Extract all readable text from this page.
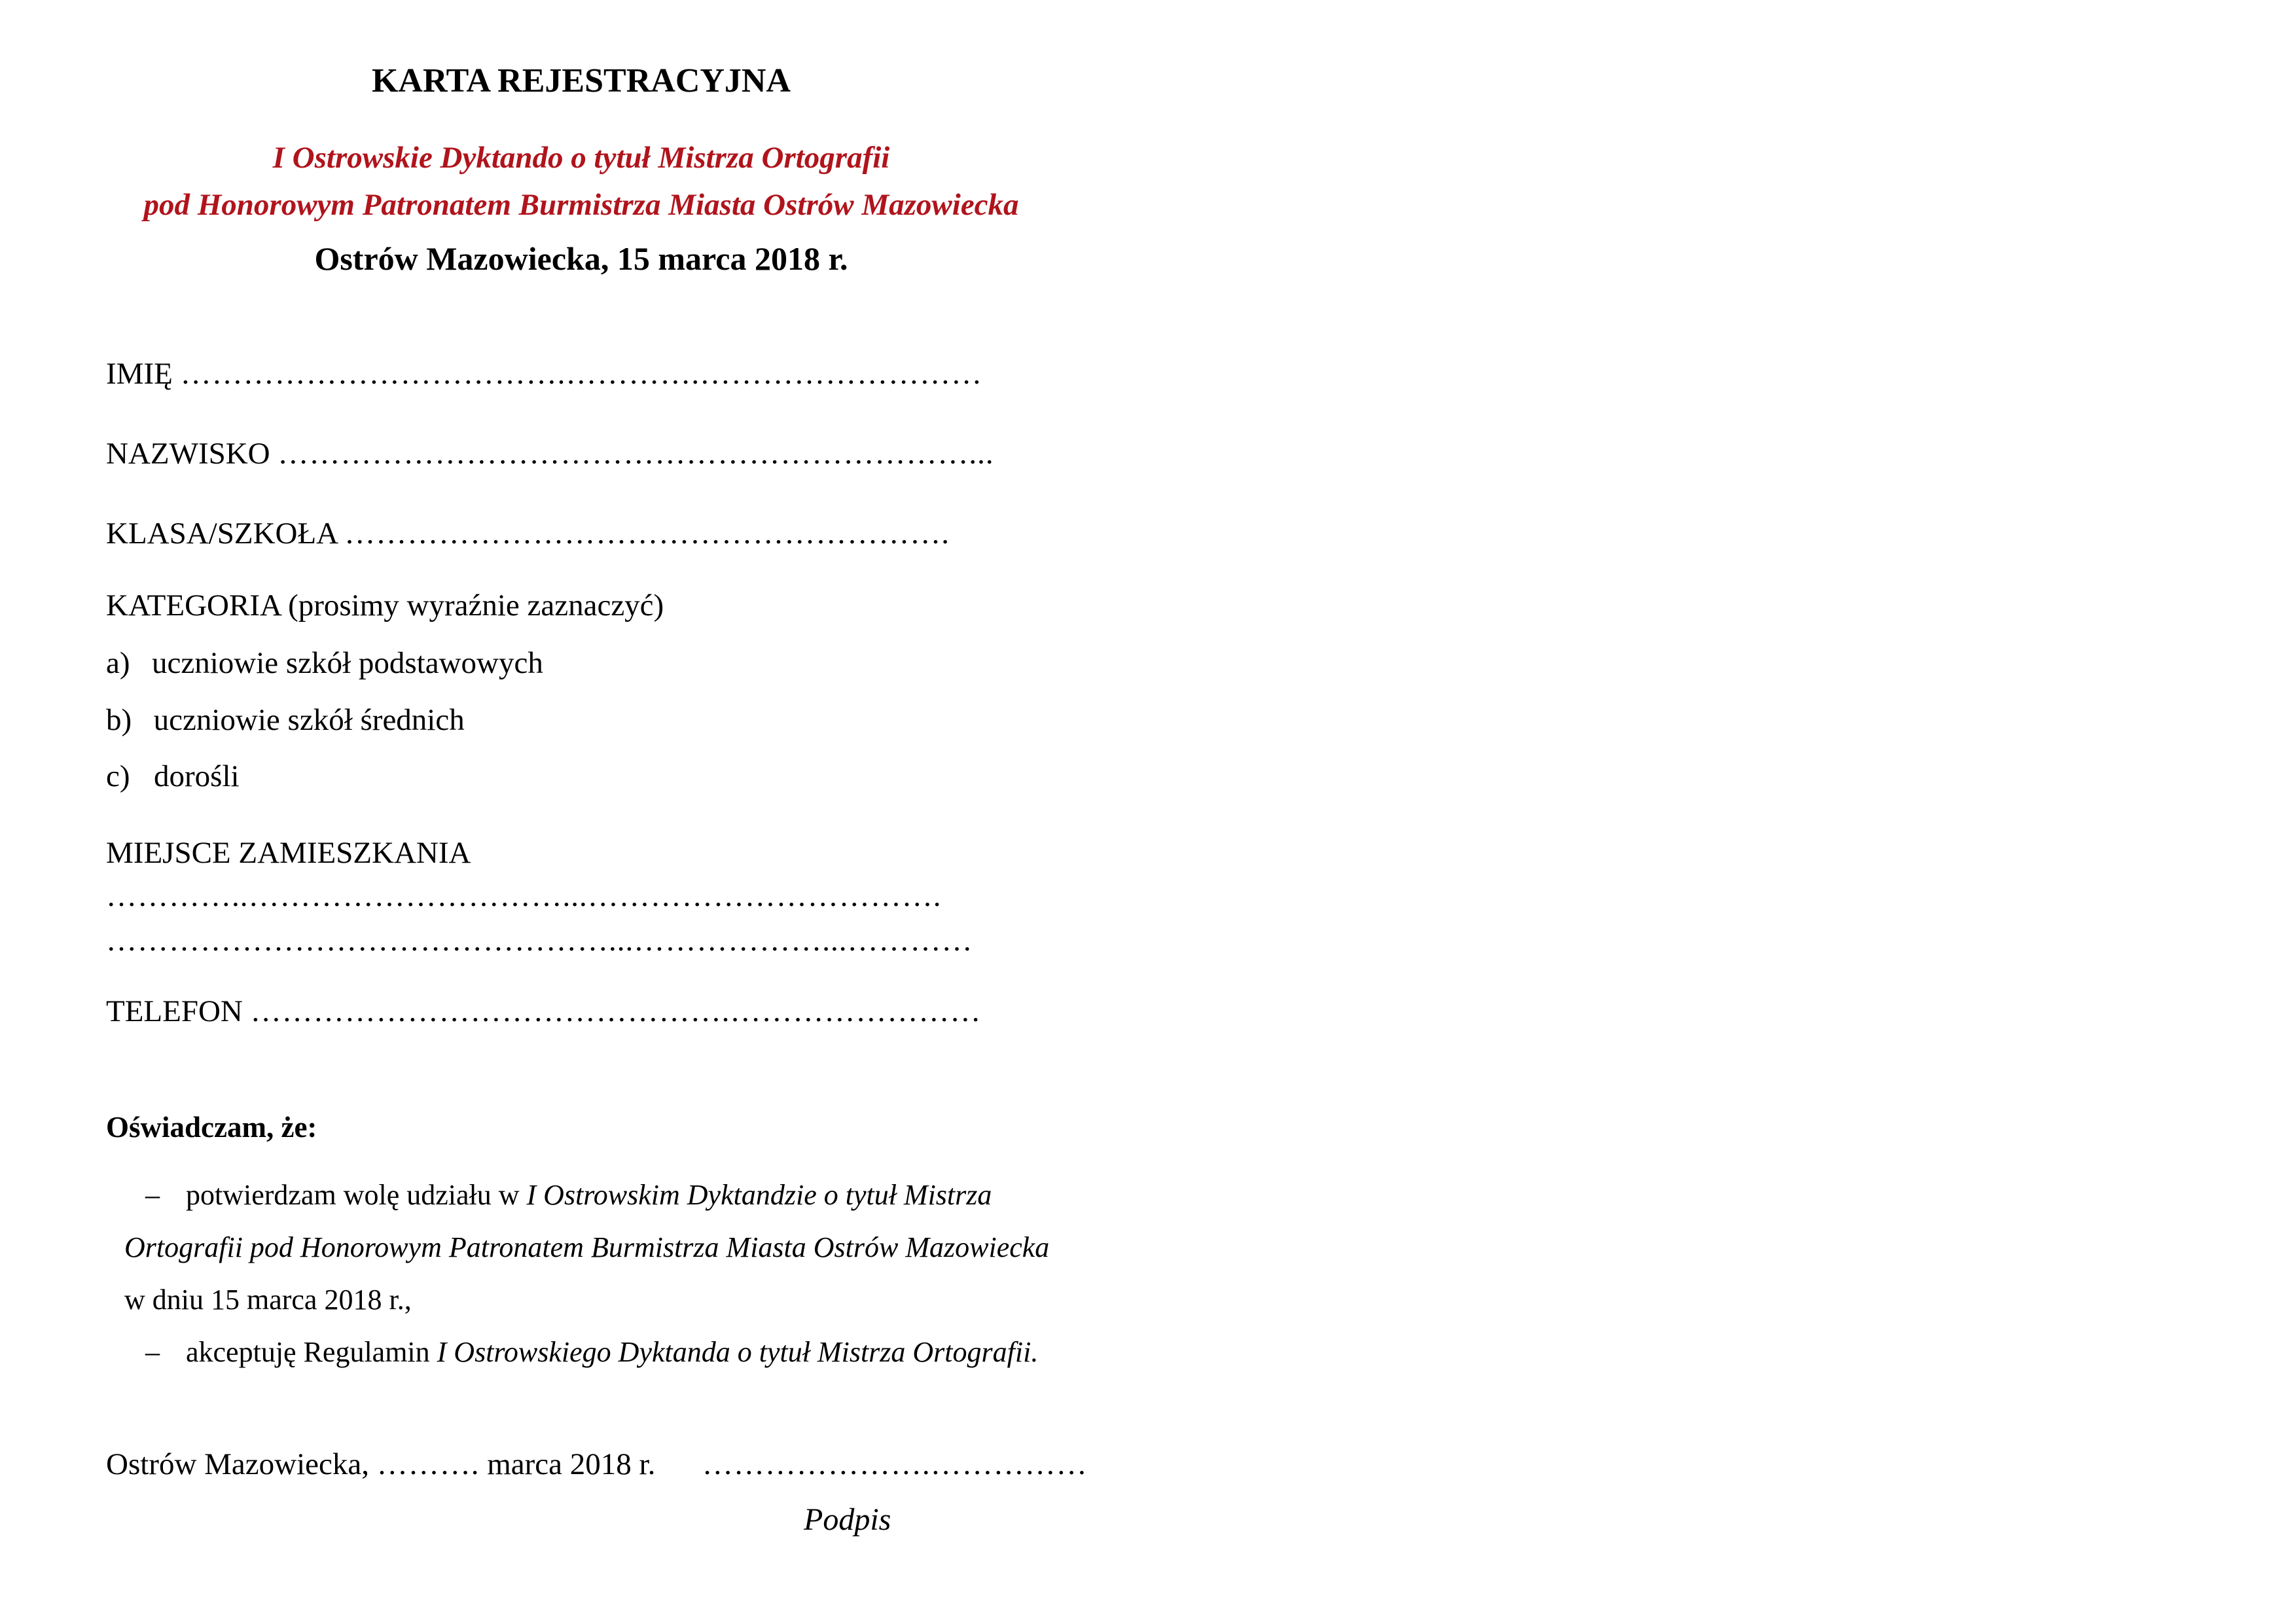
KARTA REJESTRACYJNA
I Ostrowskie Dyktando o tytuł Mistrza Ortografii
pod Honorowym Patronatem Burmistrza Miasta Ostrów Mazowiecka
Ostrów Mazowiecka, 15 marca 2018 r.
IMIĘ ……………………………….………….………………………
NAZWISKO …………………………………………………………...
KLASA/SZKOŁA ………………………………………………….
KATEGORIA (prosimy wyraźnie zaznaczyć)
a) uczniowie szkół podstawowych
b) uczniowie szkół średnich
c) dorośli
MIEJSCE ZAMIESZKANIA
…………..…………………………...…………………………….
…………………………………………...………………...…………
TELEFON ……………………………………….……………………
Oświadczam, że:
– potwierdzam wolę udziału w I Ostrowskim Dyktandzie o tytuł Mistrza
Ortografii pod Honorowym Patronatem Burmistrza Miasta Ostrów Mazowiecka
w dniu 15 marca 2018 r.,
– akceptuję Regulamin I Ostrowskiego Dyktanda o tytuł Mistrza Ortografii.
Ostrów Mazowiecka, ………. marca 2018 r. ………………….……………
Podpis
